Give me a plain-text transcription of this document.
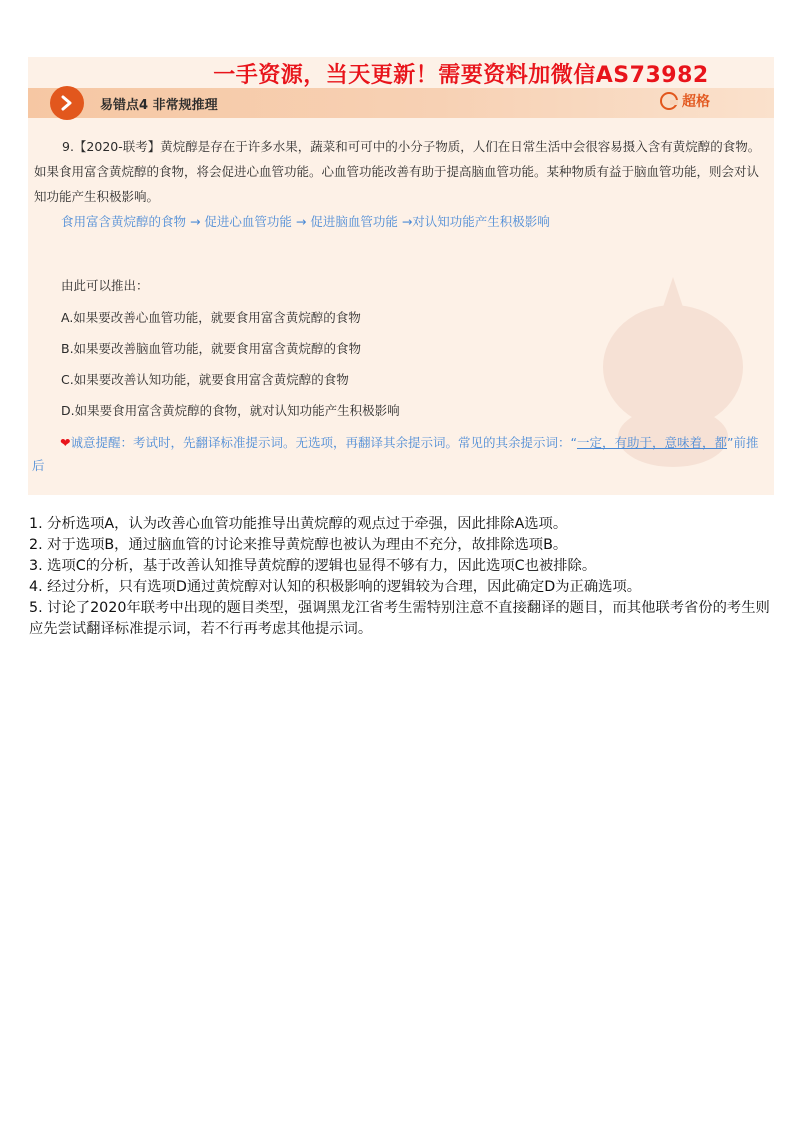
一手资源，当天更新！需要资料加微信AS73982
易错点4 非常规推理	超格
9.【2020-联考】黄烷醇是存在于许多水果，蔬菜和可可中的小分子物质，人们在日常生活中会很容易摄入含有黄烷醇的食物。如果食用富含黄烷醇的食物，将会促进心血管功能。心血管功能改善有助于提高脑血管功能。某种物质有益于脑血管功能，则会对认知功能产生积极影响。
食用富含黄烷醇的食物 → 促进心血管功能 → 促进脑血管功能 →对认知功能产生积极影响
由此可以推出：
A.如果要改善心血管功能，就要食用富含黄烷醇的食物
B.如果要改善脑血管功能，就要食用富含黄烷醇的食物
C.如果要改善认知功能，就要食用富含黄烷醇的食物
D.如果要食用富含黄烷醇的食物，就对认知功能产生积极影响
❤诚意提醒：考试时，先翻译标准提示词。无选项，再翻译其余提示词。常见的其余提示词：“一定，有助于，意味着，都”前推后
1. 分析选项A，认为改善心血管功能推导出黄烷醇的观点过于牵强，因此排除A选项。
2. 对于选项B，通过脑血管的讨论来推导黄烷醇也被认为理由不充分，故排除选项B。
3. 选项C的分析，基于改善认知推导黄烷醇的逻辑也显得不够有力，因此选项C也被排除。
4. 经过分析，只有选项D通过黄烷醇对认知的积极影响的逻辑较为合理，因此确定D为正确选项。
5. 讨论了2020年联考中出现的题目类型，强调黑龙江省考生需特别注意不直接翻译的题目，而其他联考省份的考生则应先尝试翻译标准提示词，若不行再考虑其他提示词。
